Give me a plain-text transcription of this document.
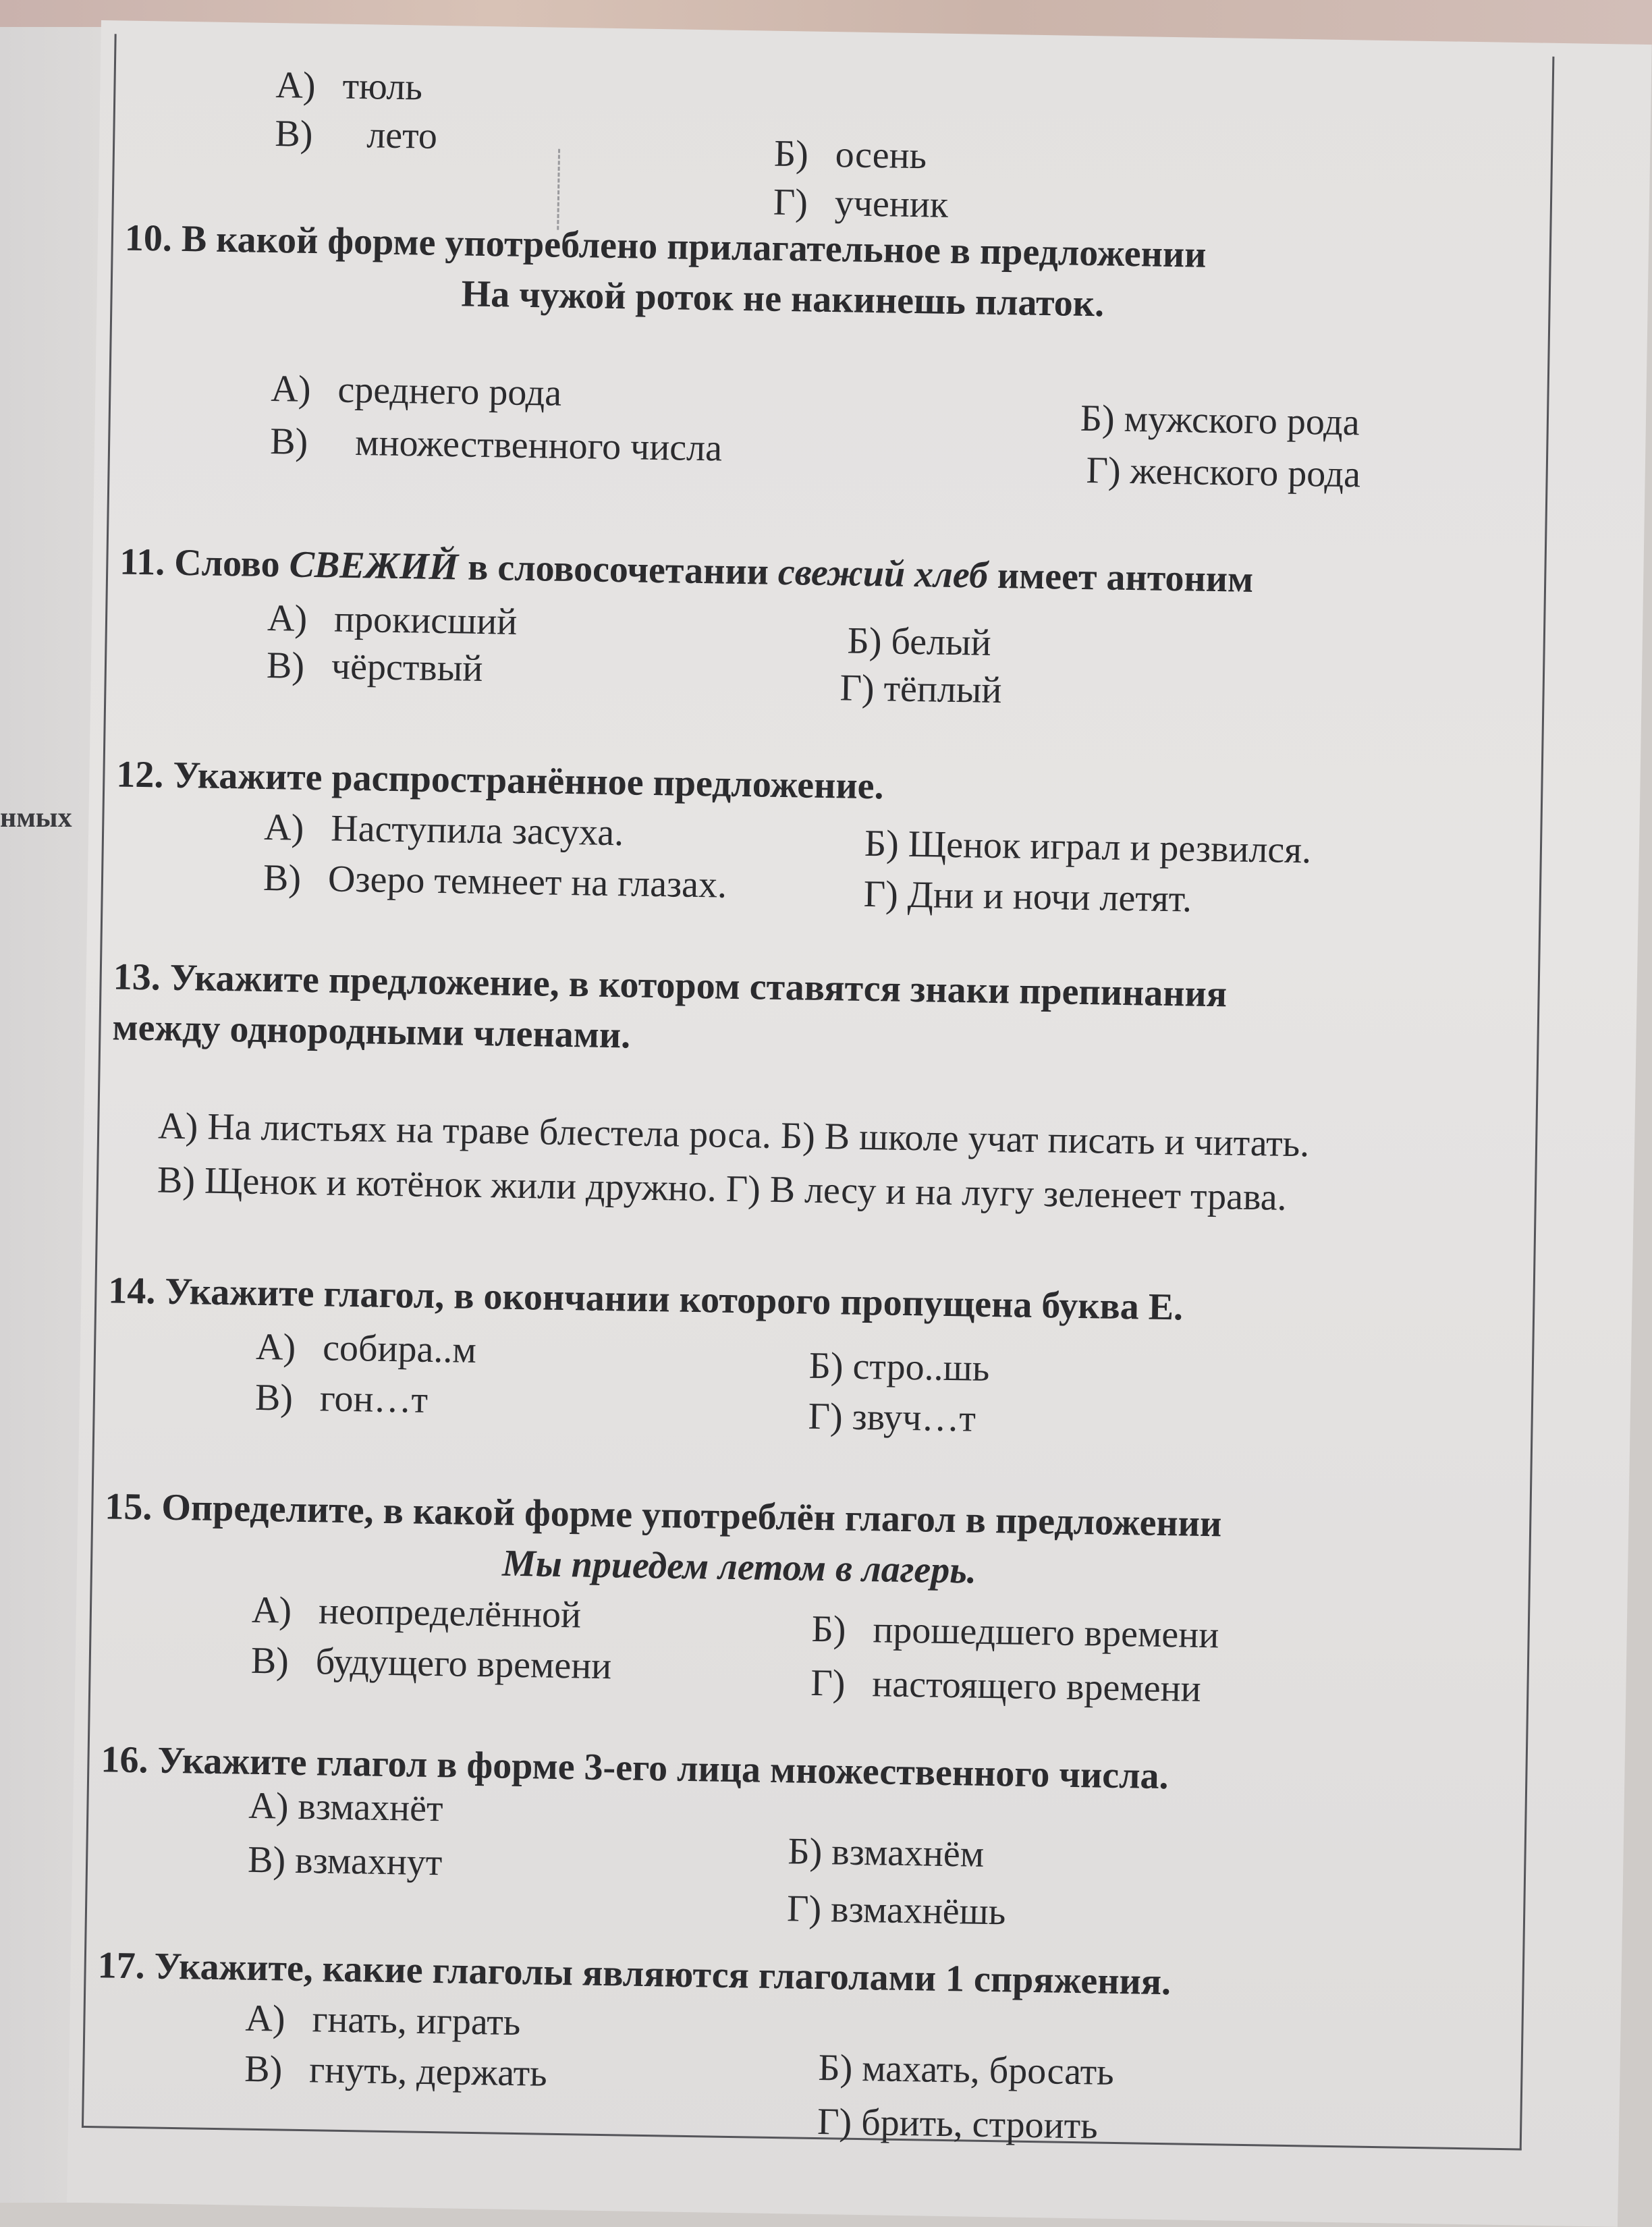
нмых
А) тюль
В) лето	Б) осень
Г) ученик
10. В какой форме употреблено прилагательное в предложении
На чужой роток не накинешь платок.
А) среднего рода
В) множественного числа
Б) мужского рода
Г) женского рода
11. Слово СВЕЖИЙ в словосочетании свежий хлеб имеет антоним
А) прокисший
В) чёрствый
Б) белый
Г) тёплый
12. Укажите распространённое предложение.
А) Наступила засуха.
В) Озеро темнеет на глазах.
Б) Щенок играл и резвился.
Г) Дни и ночи летят.
13. Укажите предложение, в котором ставятся знаки препинания
между однородными членами.
А) На листьях на траве блестела роса. Б) В школе учат писать и читать.
В) Щенок и котёнок жили дружно. Г) В лесу и на лугу зеленеет трава.
14. Укажите глагол, в окончании которого пропущена буква Е.
А) собира..м
В) гон…т
Б) стро..шь
Г) звуч…т
15. Определите, в какой форме употреблён глагол в предложении
Мы приедем летом в лагерь.
А) неопределённой
В) будущего времени
Б) прошедшего времени
Г) настоящего времени
16. Укажите глагол в форме 3-его лица множественного числа.
А) взмахнёт
В) взмахнут	Б) взмахнём
Г) взмахнёшь
17. Укажите, какие глаголы являются глаголами 1 спряжения.
А) гнать, играть
В) гнуть, держать	Б) махать, бросать
Г) брить, строить
